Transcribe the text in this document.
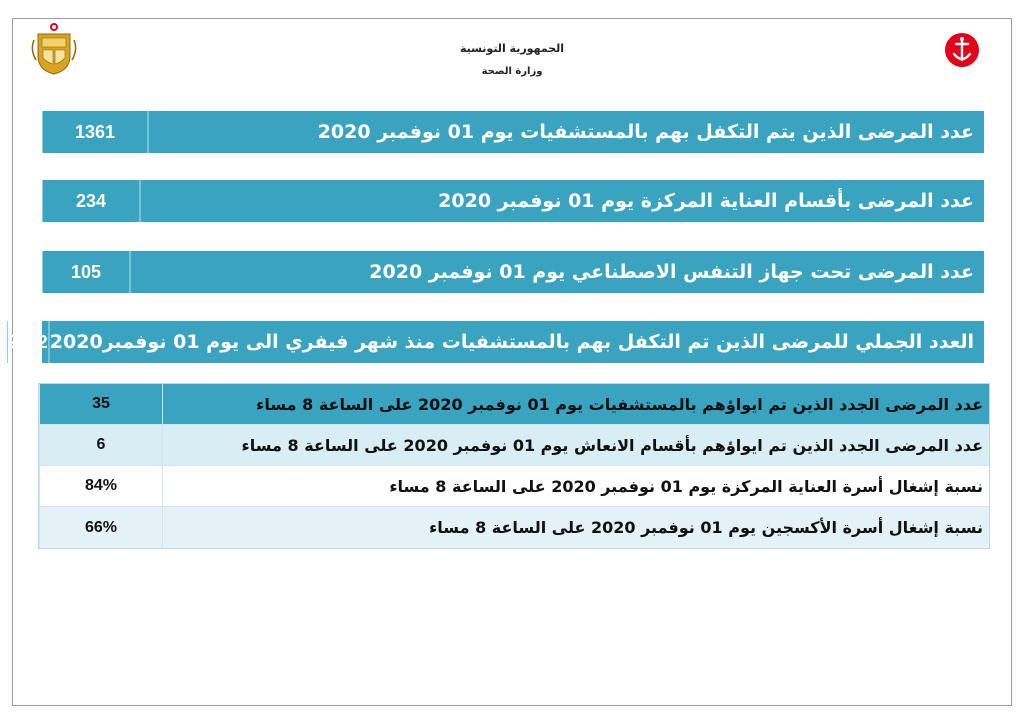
الجمهورية التونسية
وزارة الصحة
عدد المرضى الذين يتم التكفل بهم بالمستشفيات يوم 01 نوفمبر 2020
1361
عدد المرضى بأقسام العناية المركزة يوم 01 نوفمبر 2020
234
عدد المرضى تحت جهاز التنفس الاصطناعي يوم 01 نوفمبر 2020
105
العدد الجملي للمرضى الذين تم التكفل بهم بالمستشفيات منذ شهر فيفري الى يوم 01 نوفمبر2020
2852
عدد المرضى الجدد الذين تم ايواؤهم بالمستشفيات يوم 01 نوفمبر 2020 على الساعة 8 مساء
35
عدد المرضى الجدد الذين تم ايواؤهم بأقسام الانعاش يوم 01 نوفمبر 2020 على الساعة 8 مساء
6
نسبة إشغال أسرة العناية المركزة يوم 01 نوفمبر 2020 على الساعة 8 مساء
84%
نسبة إشغال أسرة الأكسجين يوم 01 نوفمبر 2020 على الساعة 8 مساء
66%
